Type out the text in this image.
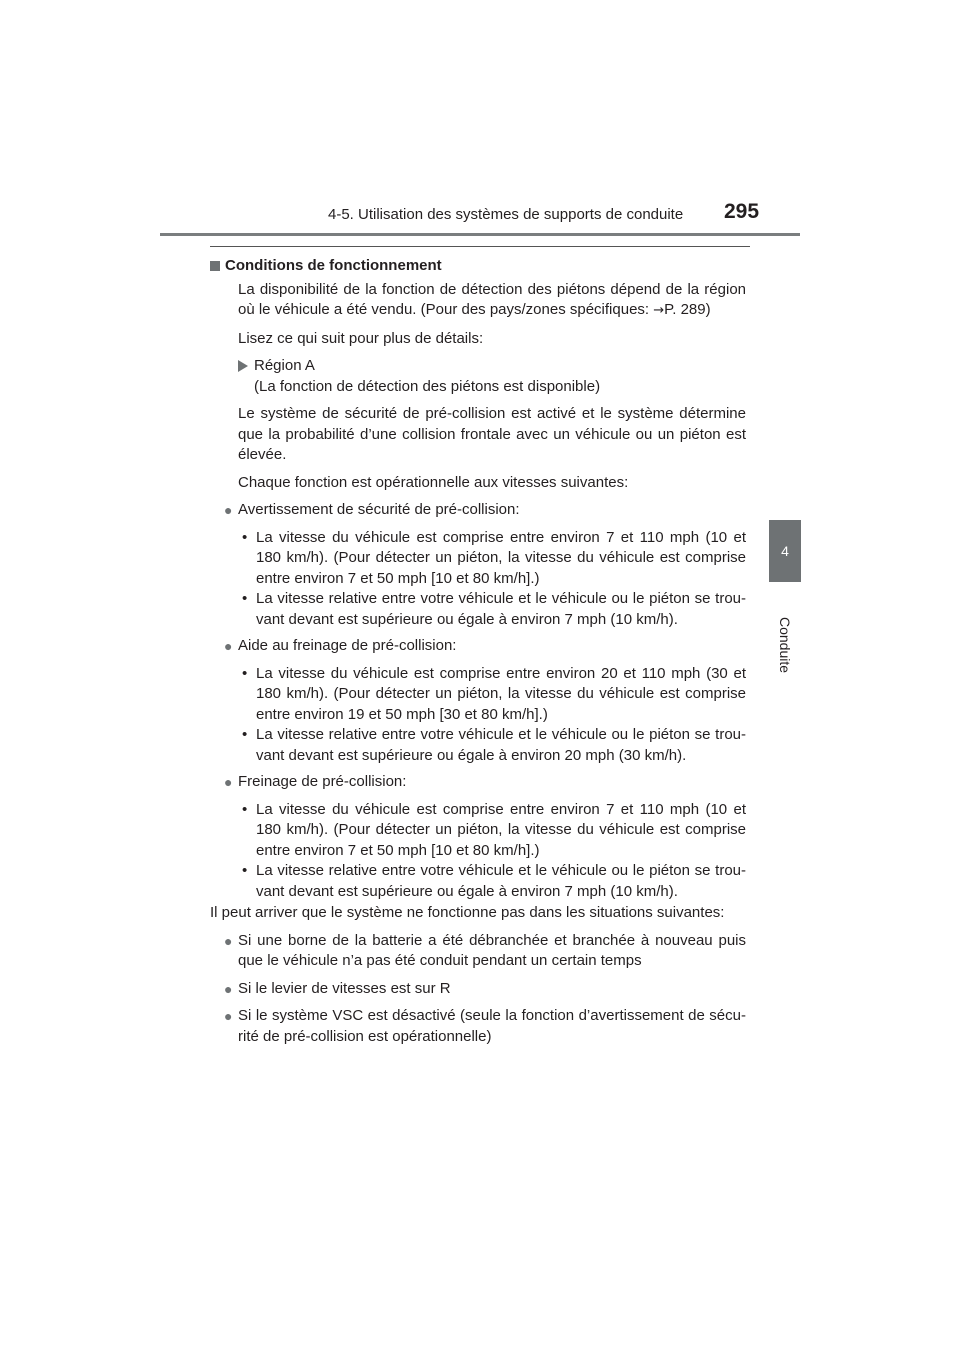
4-5. Utilisation des systèmes de supports de conduite 295
4
Conduite
Conditions de fonctionnement

La disponibilité de la fonction de détection des piétons dépend de la région où le véhicule a été vendu. (Pour des pays/zones spécifiques: →P. 289)

Lisez ce qui suit pour plus de détails:

Région A
(La fonction de détection des piétons est disponible)

Le système de sécurité de pré-collision est activé et le système détermine que la probabilité d’une collision frontale avec un véhicule ou un piéton est élevée.

Chaque fonction est opérationnelle aux vitesses suivantes:

● Avertissement de sécurité de pré-collision:
• La vitesse du véhicule est comprise entre environ 7 et 110 mph (10 et 180 km/h). (Pour détecter un piéton, la vitesse du véhicule est comprise entre environ 7 et 50 mph [10 et 80 km/h].)
• La vitesse relative entre votre véhicule et le véhicule ou le piéton se trou-vant devant est supérieure ou égale à environ 7 mph (10 km/h).
● Aide au freinage de pré-collision:
• La vitesse du véhicule est comprise entre environ 20 et 110 mph (30 et 180 km/h). (Pour détecter un piéton, la vitesse du véhicule est comprise entre environ 19 et 50 mph [30 et 80 km/h].)
• La vitesse relative entre votre véhicule et le véhicule ou le piéton se trou-vant devant est supérieure ou égale à environ 20 mph (30 km/h).
● Freinage de pré-collision:
• La vitesse du véhicule est comprise entre environ 7 et 110 mph (10 et 180 km/h). (Pour détecter un piéton, la vitesse du véhicule est comprise entre environ 7 et 50 mph [10 et 80 km/h].)
• La vitesse relative entre votre véhicule et le véhicule ou le piéton se trou-vant devant est supérieure ou égale à environ 7 mph (10 km/h).

Il peut arriver que le système ne fonctionne pas dans les situations suivantes:

● Si une borne de la batterie a été débranchée et branchée à nouveau puis que le véhicule n’a pas été conduit pendant un certain temps
● Si le levier de vitesses est sur R
● Si le système VSC est désactivé (seule la fonction d’avertissement de sécu-rité de pré-collision est opérationnelle)
